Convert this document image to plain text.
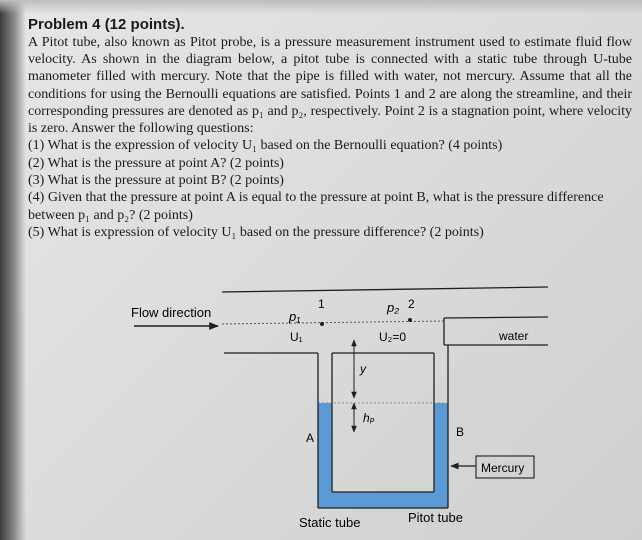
Problem 4 (12 points).

A Pitot tube, also known as Pitot probe, is a pressure measurement instrument used to estimate fluid flow velocity. As shown in the diagram below, a pitot tube is connected with a static tube through U-tube manometer filled with mercury. Note that the pipe is filled with water, not mercury. Assume that all the conditions for using the Bernoulli equations are satisfied. Points 1 and 2 are along the streamline, and their corresponding pressures are denoted as p₁ and p₂, respectively. Point 2 is a stagnation point, where velocity is zero. Answer the following questions:

(1) What is the expression of velocity U₁ based on the Bernoulli equation? (4 points)
(2) What is the pressure at point A? (2 points)
(3) What is the pressure at point B? (2 points)
(4) Given that the pressure at point A is equal to the pressure at point B, what is the pressure difference between p₁ and p₂? (2 points)
(5) What is expression of velocity U₁ based on the pressure difference? (2 points)
Flow direction	p₁
U₁
1	p₂ 2
U₂=0	water
y
hₚ
A	B
Mercury
Static tube	Pitot tube
